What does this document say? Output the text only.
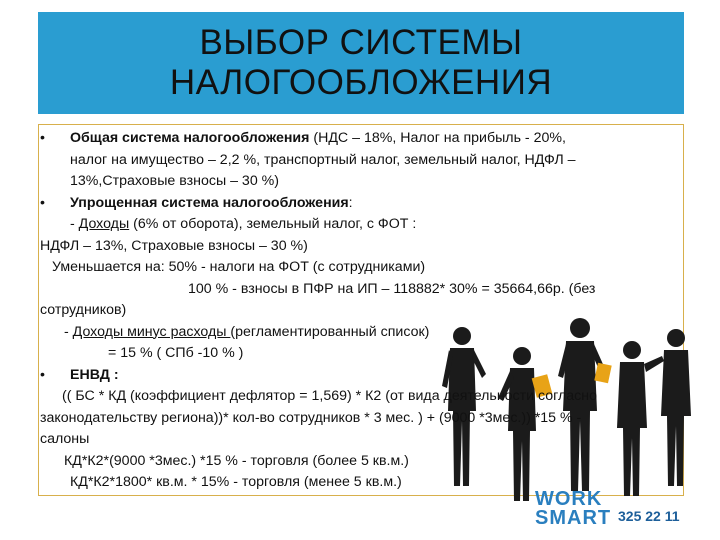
ВЫБОР СИСТЕМЫ
НАЛОГООБЛОЖЕНИЯ
• Общая система налогообложения (НДС – 18%, Налог на прибыль - 20%,
налог на имущество – 2,2 %, транспортный налог, земельный налог, НДФЛ –
13%,Страховые взносы – 30 %)
• Упрощенная система налогообложения:
- Доходы (6% от оборота), земельный налог, с ФОТ :
НДФЛ – 13%, Страховые взносы – 30 %)
Уменьшается на: 50% - налоги на ФОТ (с сотрудниками)
100 % - взносы в ПФР на ИП – 118882* 30% = 35664,66р. (без
сотрудников)
- Доходы минус расходы (регламентированный список)
= 15 % ( СПб -10 % )
• ЕНВД :
(( БС * КД (коэффициент дефлятор = 1,569) * К2 (от вида деятельности согласно
законодательству региона))* кол-во сотрудников * 3 мес. ) + (9000 *3мес.)) *15 % -
салоны
КД*К2*(9000 *3мес.) *15 % - торговля (более 5 кв.м.)
КД*К2*1800* кв.м. * 15% - торговля (менее 5 кв.м.)
WORK
SMART 325 22 11
